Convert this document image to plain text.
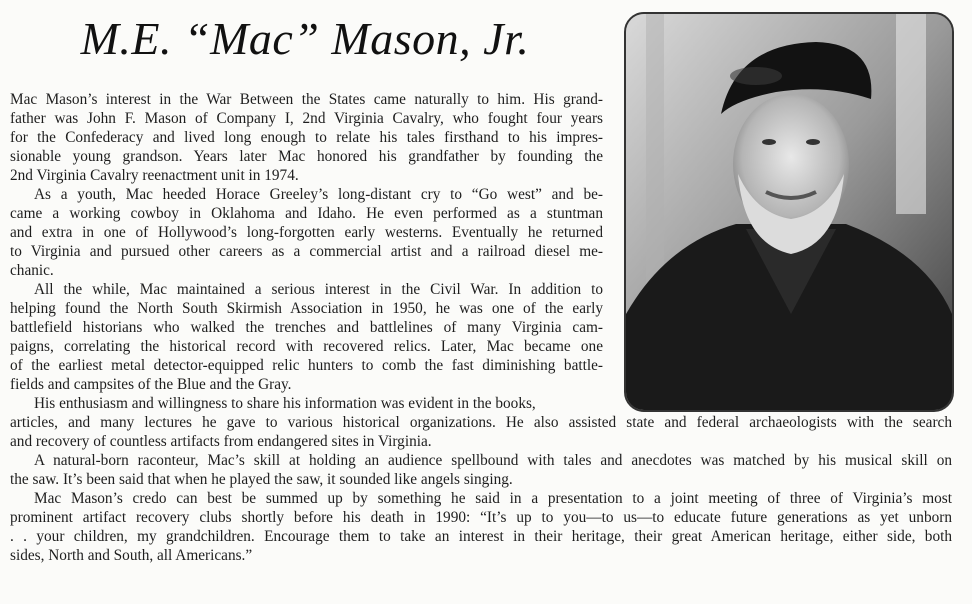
M.E. “Mac” Mason, Jr.
Mac Mason’s interest in the War Between the States came naturally to him. His grand-
father was John F. Mason of Company I, 2nd Virginia Cavalry, who fought four years
for the Confederacy and lived long enough to relate his tales firsthand to his impres-
sionable young grandson. Years later Mac honored his grandfather by founding the
2nd Virginia Cavalry reenactment unit in 1974.
As a youth, Mac heeded Horace Greeley’s long-distant cry to “Go west” and be-
came a working cowboy in Oklahoma and Idaho. He even performed as a stuntman
and extra in one of Hollywood’s long-forgotten early westerns. Eventually he returned
to Virginia and pursued other careers as a commercial artist and a railroad diesel me-
chanic.
All the while, Mac maintained a serious interest in the Civil War. In addition to
helping found the North South Skirmish Association in 1950, he was one of the early
battlefield historians who walked the trenches and battlelines of many Virginia cam-
paigns, correlating the historical record with recovered relics. Later, Mac became one
of the earliest metal detector-equipped relic hunters to comb the fast diminishing battle-
fields and campsites of the Blue and the Gray.
His enthusiasm and willingness to share his information was evident in the books,
articles, and many lectures he gave to various historical organizations. He also assisted state and federal archaeologists with the search
and recovery of countless artifacts from endangered sites in Virginia.
A natural-born raconteur, Mac’s skill at holding an audience spellbound with tales and anecdotes was matched by his musical skill on
the saw. It’s been said that when he played the saw, it sounded like angels singing.
Mac Mason’s credo can best be summed up by something he said in a presentation to a joint meeting of three of Virginia’s most
prominent artifact recovery clubs shortly before his death in 1990: “It’s up to you—to us—to educate future generations as yet unborn
. . your children, my grandchildren. Encourage them to take an interest in their heritage, their great American heritage, either side, both
sides, North and South, all Americans.”
